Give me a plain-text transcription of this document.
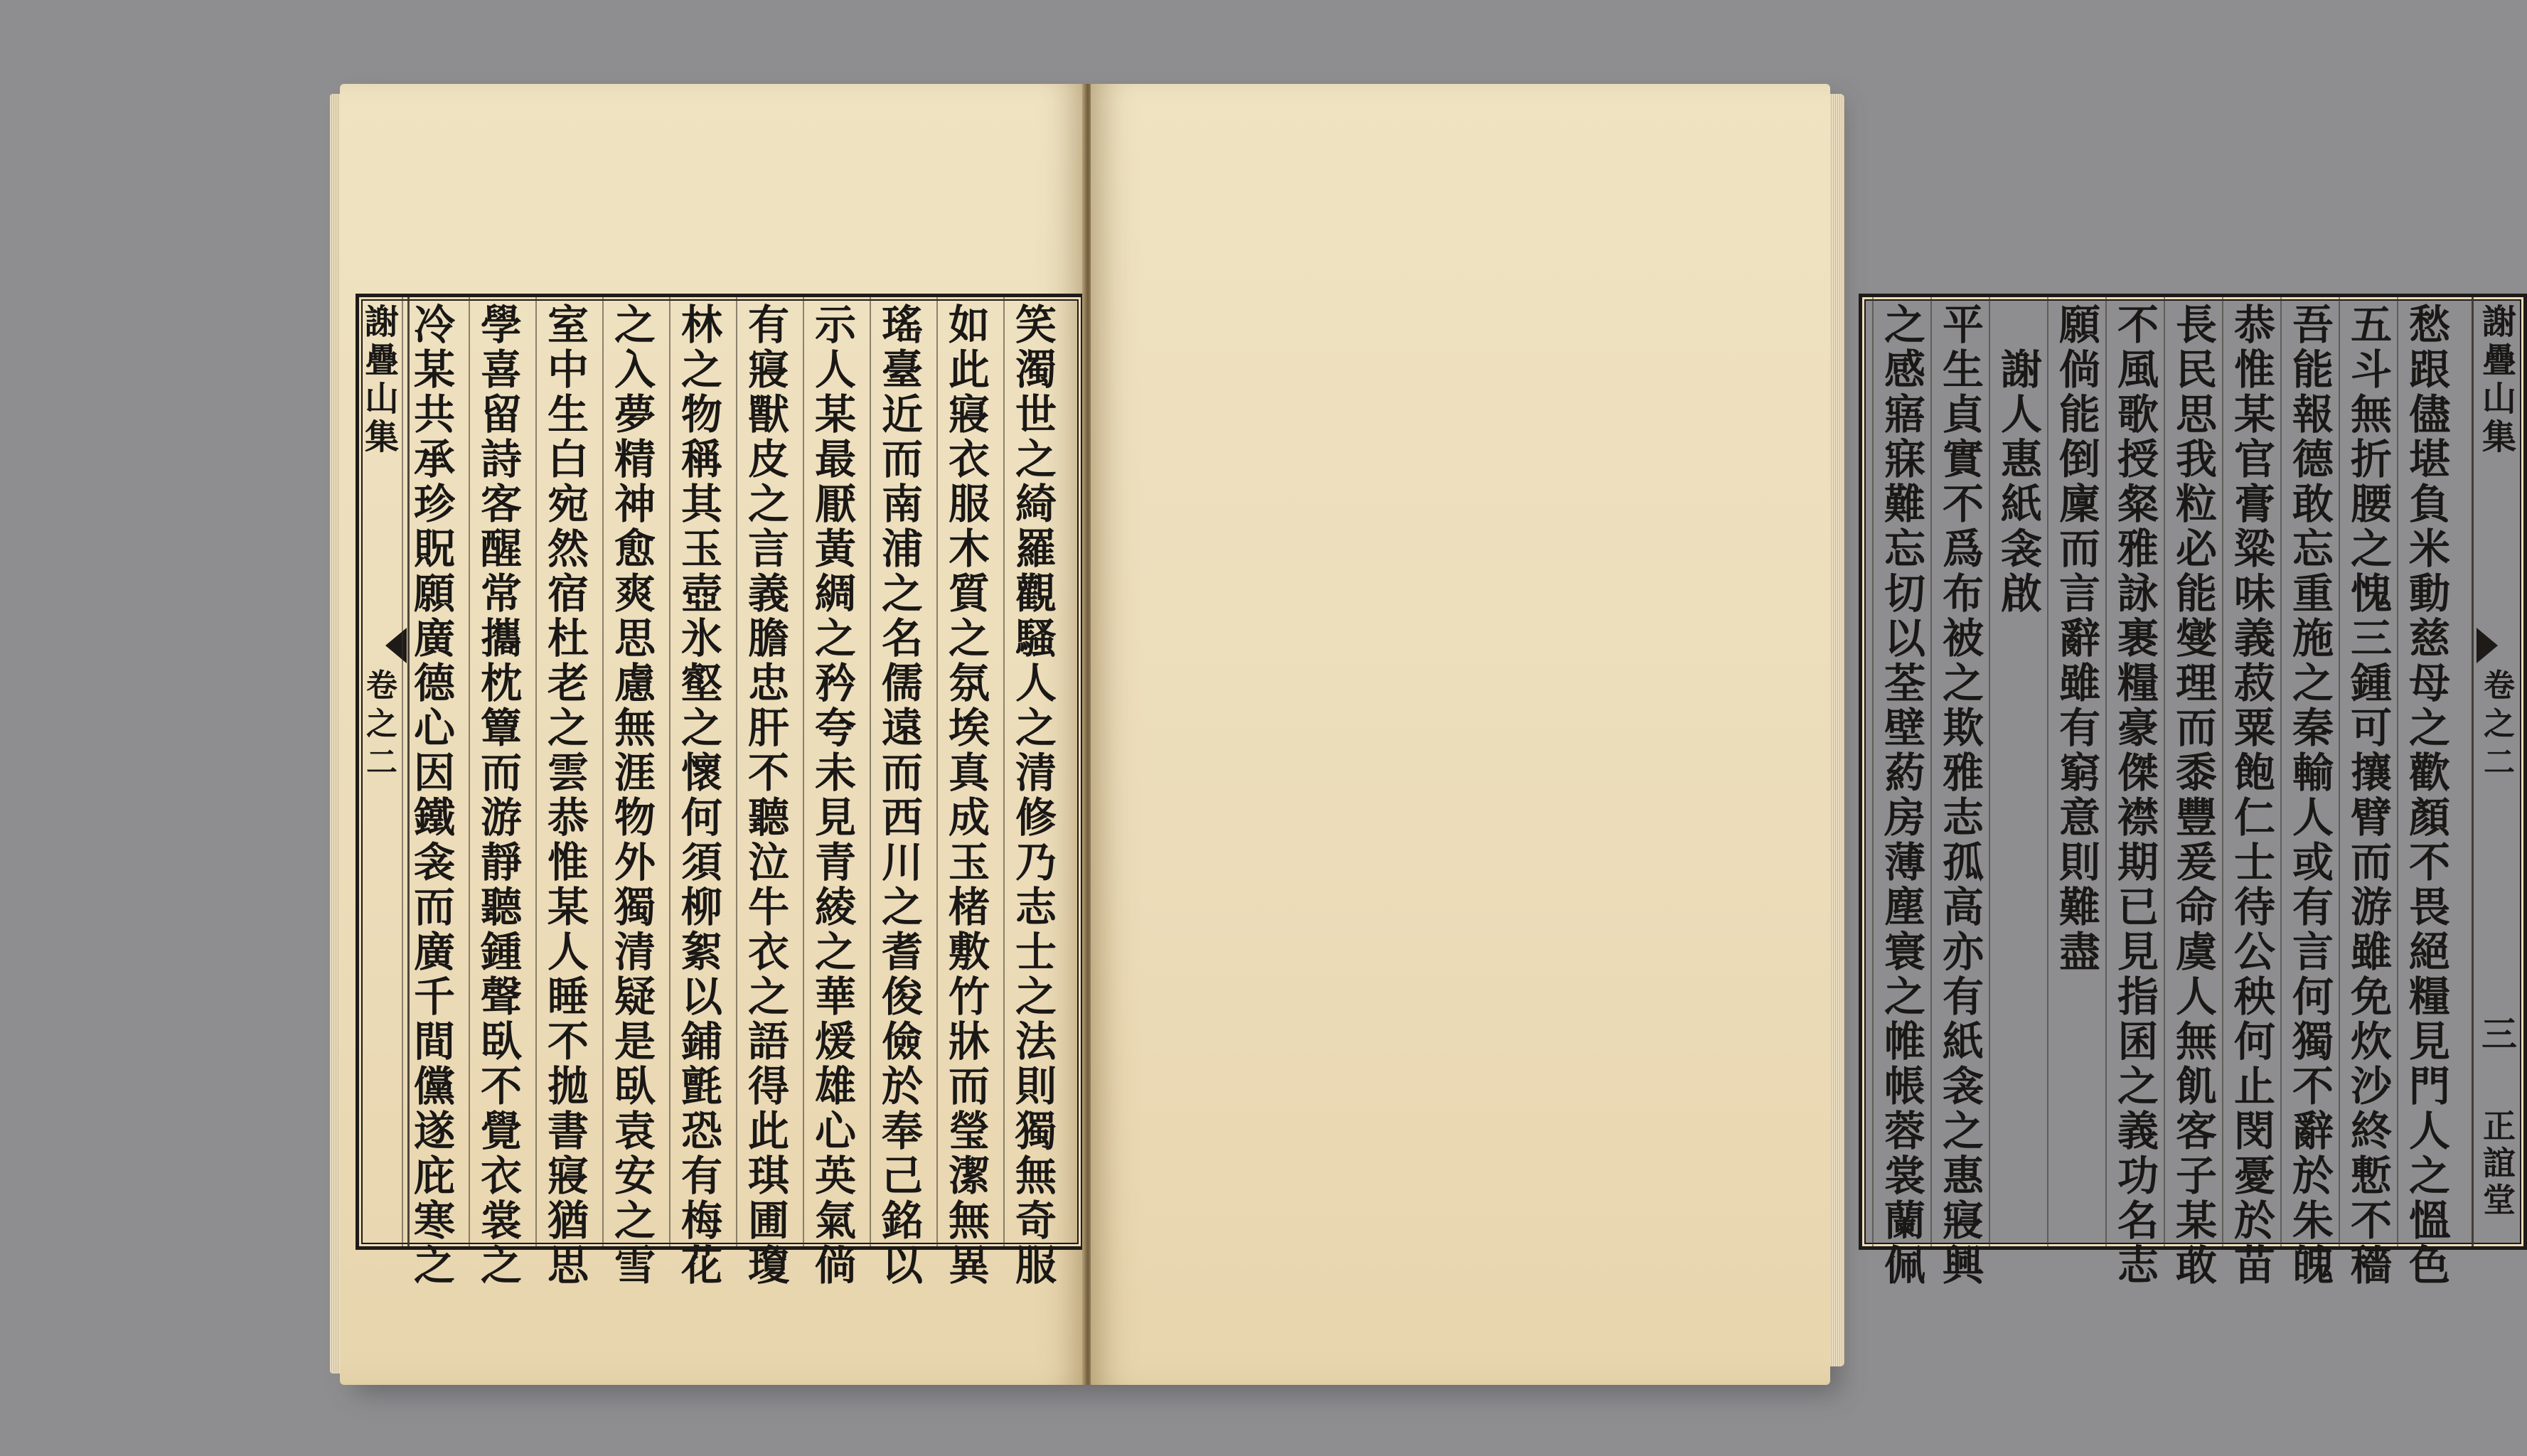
謝疊山集
卷之二
笑
濁
世
之
綺
羅
觀
騷
人
之
清
修
乃
志
士
之
法
則
獨
無
奇
服
如
此
寢
衣
服
木
質
之
氛
埃
真
成
玉
楮
敷
竹
牀
而
瑩
潔
無
異
瑤
臺
近
而
南
浦
之
名
儒
遠
而
西
川
之
耆
俊
儉
於
奉
己
銘
以
示
人
某
最
厭
黃
綢
之
矜
夸
未
見
青
綾
之
華
煖
雄
心
英
氣
倘
有
寢
獸
皮
之
言
義
膽
忠
肝
不
聽
泣
牛
衣
之
語
得
此
琪
圃
瓊
林
之
物
稱
其
玉
壺
氷
壑
之
懷
何
須
柳
絮
以
鋪
氈
恐
有
梅
花
之
入
夢
精
神
愈
爽
思
慮
無
涯
物
外
獨
清
疑
是
臥
袁
安
之
雪
室
中
生
白
宛
然
宿
杜
老
之
雲
恭
惟
某
人
睡
不
拋
書
寢
猶
思
學
喜
留
詩
客
醒
常
攜
枕
簟
而
游
靜
聽
鍾
聲
臥
不
覺
衣
裳
之
冷
某
共
承
珍
貺
願
廣
德
心
因
鐵
衾
而
廣
千
間
儻
遂
庇
寒
之
謝疊山集
卷之二
三
正誼堂
愁
跟
儘
堪
負
米
動
慈
母
之
歡
顏
不
畏
絕
糧
見
門
人
之
慍
色
五
斗
無
折
腰
之
愧
三
鍾
可
攘
臂
而
游
雖
免
炊
沙
終
慙
不
穡
吾
能
報
德
敢
忘
重
施
之
秦
輸
人
或
有
言
何
獨
不
辭
於
朱
魄
恭
惟
某
官
膏
粱
味
義
菽
粟
飽
仁
士
待
公
秧
何
止
閔
憂
於
苗
長
民
思
我
粒
必
能
燮
理
而
黍
豐
爰
命
虞
人
無
飢
客
子
某
敢
不
風
歌
授
粲
雅
詠
裹
糧
豪
傑
襟
期
已
見
指
囷
之
義
功
名
志
願
倘
能
倒
廩
而
言
辭
雖
有
窮
意
則
難
盡
謝
人
惠
紙
衾
啟
平
生
貞
實
不
爲
布
被
之
欺
雅
志
孤
高
亦
有
紙
衾
之
惠
寢
興
之
感
寤
寐
難
忘
切
以
荃
壁
葯
房
薄
塵
寰
之
帷
帳
蓉
裳
蘭
佩
